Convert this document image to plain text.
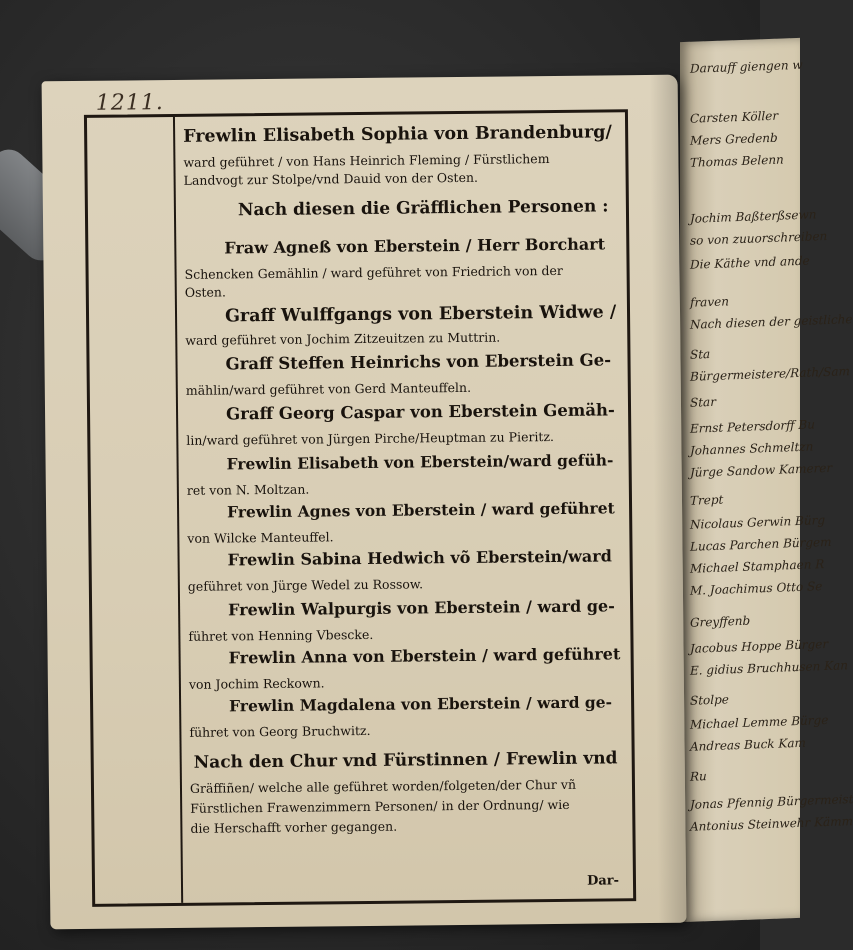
Darauff giengen w
Carsten Köller
Mers Gredenb
Thomas Belenn
Jochim Baßterßsewn
so von zuuorschreiben
Die Käthe vnd ande
fraven
Nach diesen der geistliche
Sta
Bürgermeistere/Rath/Sam
Star
Ernst Petersdorff Bu
Johannes Schmeltzn
Jürge Sandow Kamerer
Trept
Nicolaus Gerwin Bürg
Lucas Parchen Bürgem
Michael Stamphaen R
M. Joachimus Otto Se
Greyffenb
Jacobus Hoppe Bürger
E. gidius Bruchhusen Kan
Stolpe
Michael Lemme Bürge
Andreas Buck Kam
Ru
Jonas Pfennig Bürgermeist
Antonius Steinwehr Kämm
1211.
Frewlin Elisabeth Sophia von Brandenburg/
ward geführet / von Hans Heinrich Fleming / Fürstlichem
Landvogt zur Stolpe/vnd Dauid von der Osten.
Nach diesen die Gräfflichen Personen :
Fraw Agneß von Eberstein / Herr Borchart
Schencken Gemählin / ward geführet von Friedrich von der
Osten.
Graff Wulffgangs von Eberstein Widwe /
ward geführet von Jochim Zitzeuitzen zu Muttrin.
Graff Steffen Heinrichs von Eberstein Ge-
mählin/ward geführet von Gerd Manteuffeln.
Graff Georg Caspar von Eberstein Gemäh-
lin/ward geführet von Jürgen Pirche/Heuptman zu Pieritz.
Frewlin Elisabeth von Eberstein/ward gefüh-
ret von N. Moltzan.
Frewlin Agnes von Eberstein / ward geführet
von Wilcke Manteuffel.
Frewlin Sabina Hedwich võ Eberstein/ward
geführet von Jürge Wedel zu Rossow.
Frewlin Walpurgis von Eberstein / ward ge-
führet von Henning Vbescke.
Frewlin Anna von Eberstein / ward geführet
von Jochim Reckown.
Frewlin Magdalena von Eberstein / ward ge-
führet von Georg Bruchwitz.
Nach den Chur vnd Fürstinnen / Frewlin vnd
Gräffiñen/ welche alle geführet worden/folgeten/der Chur vñ
Fürstlichen Frawenzimmern Personen/ in der Ordnung/ wie
die Herschafft vorher gegangen.
Dar-
